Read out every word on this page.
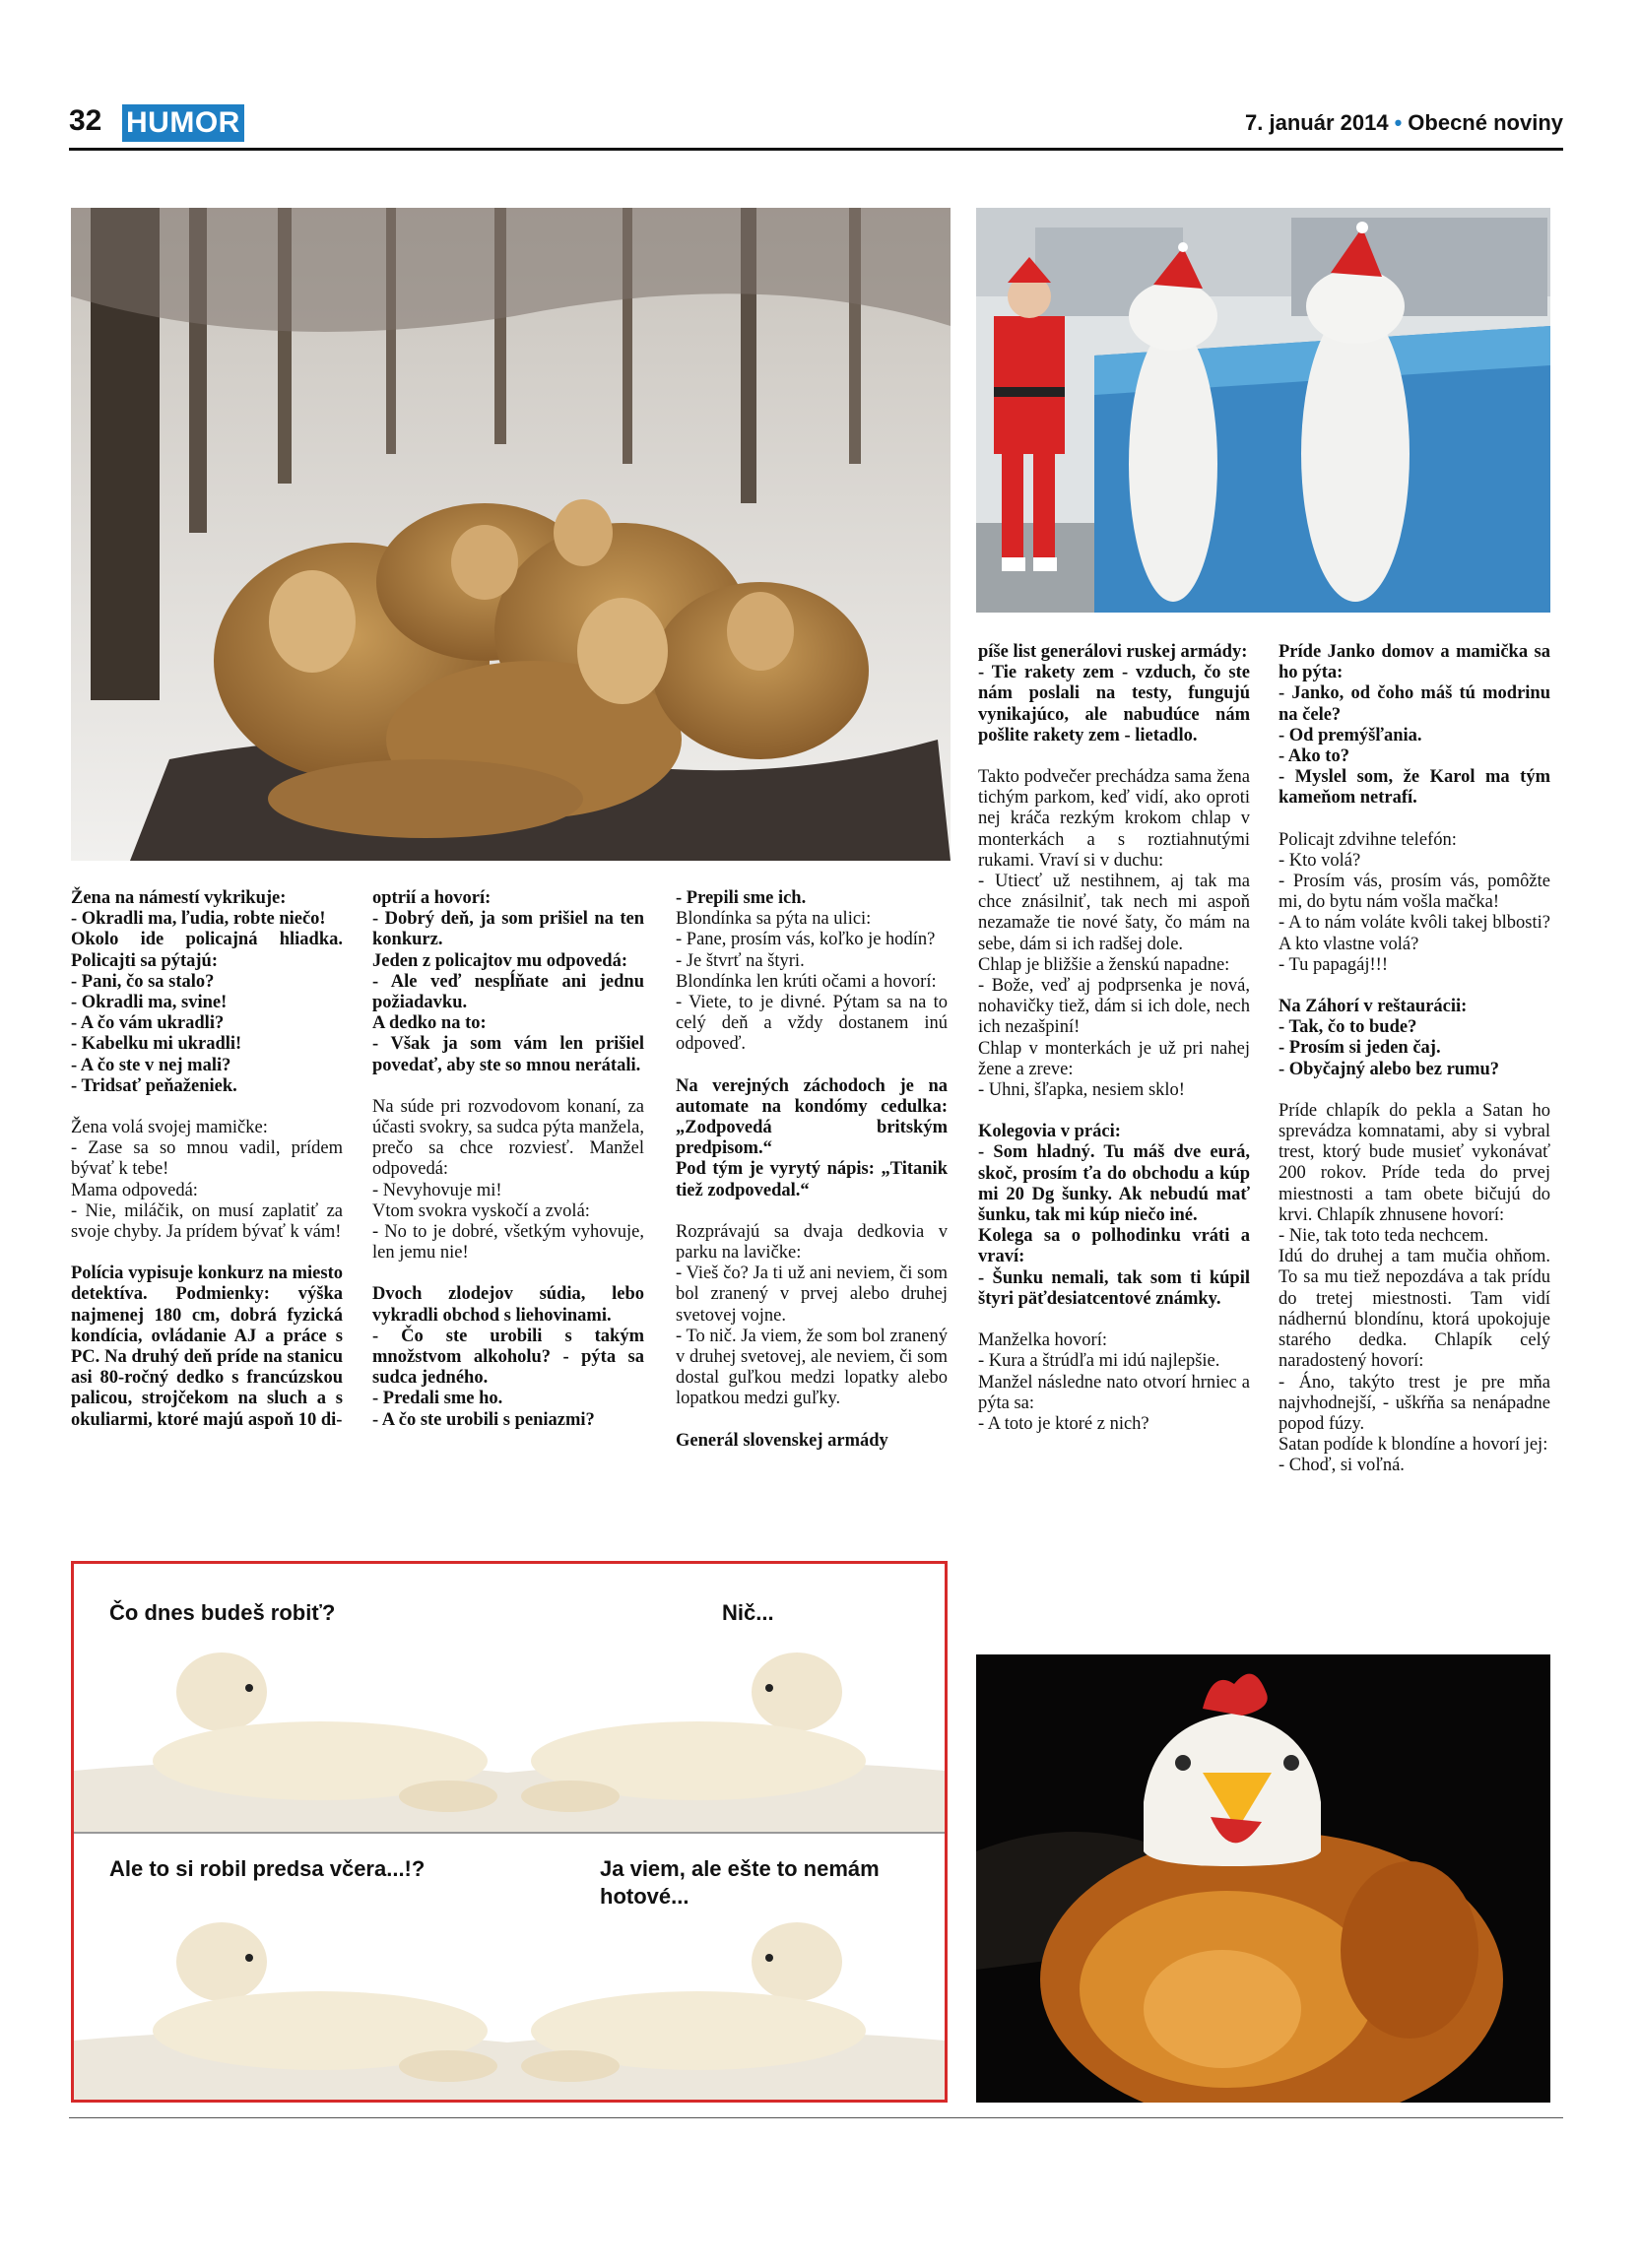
32 HUMOR	7. január 2014 • Obecné noviny

Žena na námestí vykrikuje:

- Okradli ma, ľudia, robte niečo!

Okolo ide policajná hliadka. Policajti sa pýtajú:

- Pani, čo sa stalo?

- Okradli ma, svine!

- A čo vám ukradli?

- Kabelku mi ukradli!

- A čo ste v nej mali?

- Tridsať peňaženiek.

Žena volá svojej mamičke:

- Zase sa so mnou vadil, prídem bývať k tebe!

Mama odpovedá:

- Nie, miláčik, on musí zaplatiť za svoje chyby. Ja prídem bývať k vám!

Polícia vypisuje konkurz na miesto detektíva. Podmienky: výška najmenej 180 cm, dobrá fyzická kondícia, ovládanie AJ a práce s PC. Na druhý deň príde na stanicu asi 80-ročný dedko s francúzskou palicou, strojčekom na sluch a s okuliarmi, ktoré majú aspoň 10 di-

optrií a hovorí:

- Dobrý deň, ja som prišiel na ten konkurz.

Jeden z policajtov mu odpovedá:

- Ale veď nespĺňate ani jednu požiadavku.

A dedko na to:

- Však ja som vám len prišiel povedať, aby ste so mnou nerátali.

Na súde pri rozvodovom konaní, za účasti svokry, sa sudca pýta manžela, prečo sa chce rozviesť. Manžel odpovedá:

- Nevyhovuje mi!

Vtom svokra vyskočí a zvolá:

- No to je dobré, všetkým vyhovuje, len jemu nie!

Dvoch zlodejov súdia, lebo vykradli obchod s liehovinami.

- Čo ste urobili s takým množstvom alkoholu? - pýta sa sudca jedného.

- Predali sme ho.

- A čo ste urobili s peniazmi?

- Prepili sme ich.

Blondínka sa pýta na ulici:

- Pane, prosím vás, koľko je hodín?

- Je štvrť na štyri.

Blondínka len krúti očami a hovorí:

- Viete, to je divné. Pýtam sa na to celý deň a vždy dostanem inú odpoveď.

Na verejných záchodoch je na automate na kondómy cedulka: „Zodpovedá britským predpisom.“

Pod tým je vyrytý nápis: „Titanik tiež zodpovedal.“

Rozprávajú sa dvaja dedkovia v parku na lavičke:

- Vieš čo? Ja ti už ani neviem, či som bol zranený v prvej alebo druhej svetovej vojne.

- To nič. Ja viem, že som bol zranený v druhej svetovej, ale neviem, či som dostal guľkou medzi lopatky alebo lopatkou medzi guľky.

Generál slovenskej armády

píše list generálovi ruskej armády:

- Tie rakety zem - vzduch, čo ste nám poslali na testy, fungujú vynikajúco, ale nabudúce nám pošlite rakety zem - lietadlo.

Takto podvečer prechádza sama žena tichým parkom, keď vidí, ako oproti nej kráča rezkým krokom chlap v monterkách a s roztiahnutými rukami. Vraví si v duchu:

- Utiecť už nestihnem, aj tak ma chce znásilniť, tak nech mi aspoň nezamaže tie nové šaty, čo mám na sebe, dám si ich radšej dole.

Chlap je bližšie a ženskú napadne:

- Bože, veď aj podprsenka je nová, nohavičky tiež, dám si ich dole, nech ich nezašpiní!

Chlap v monterkách je už pri nahej žene a zreve:

- Uhni, šľapka, nesiem sklo!

Kolegovia v práci:

- Som hladný. Tu máš dve eurá, skoč, prosím ťa do obchodu a kúp mi 20 Dg šunky. Ak nebudú mať šunku, tak mi kúp niečo iné.

Kolega sa o polhodinku vráti a vraví:

- Šunku nemali, tak som ti kúpil štyri päťdesiatcentové známky.

Manželka hovorí:

- Kura a štrúdľa mi idú najlepšie.

Manžel následne nato otvorí hrniec a pýta sa:

- A toto je ktoré z nich?

Príde Janko domov a mamička sa ho pýta:

- Janko, od čoho máš tú modrinu na čele?

- Od premýšľania.

- Ako to?

- Myslel som, že Karol ma tým kameňom netrafí.

Policajt zdvihne telefón:

- Kto volá?

- Prosím vás, prosím vás, pomôžte mi, do bytu nám vošla mačka!

- A to nám voláte kvôli takej blbosti? A kto vlastne volá?

- Tu papagáj!!!

Na Záhorí v reštaurácii:

- Tak, čo to bude?

- Prosím si jeden čaj.

- Obyčajný alebo bez rumu?

Príde chlapík do pekla a Satan ho sprevádza komnatami, aby si vybral trest, ktorý bude musieť vykonávať 200 rokov. Príde teda do prvej miestnosti a tam obete bičujú do krvi. Chlapík zhnusene hovorí:

- Nie, tak toto teda nechcem.

Idú do druhej a tam mučia ohňom. To sa mu tiež nepozdáva a tak prídu do tretej miestnosti. Tam vidí nádhernú blondínu, ktorá upokojuje starého dedka. Chlapík celý naradostený hovorí:

- Áno, takýto trest je pre mňa najvhodnejší, - uškŕňa sa nenápadne popod fúzy.

Satan podíde k blondíne a hovorí jej:

- Choď, si voľná.

Čo dnes budeš robiť?	Nič...
Ale to si robil predsa včera...!?	Ja viem, ale ešte to nemám hotové...
